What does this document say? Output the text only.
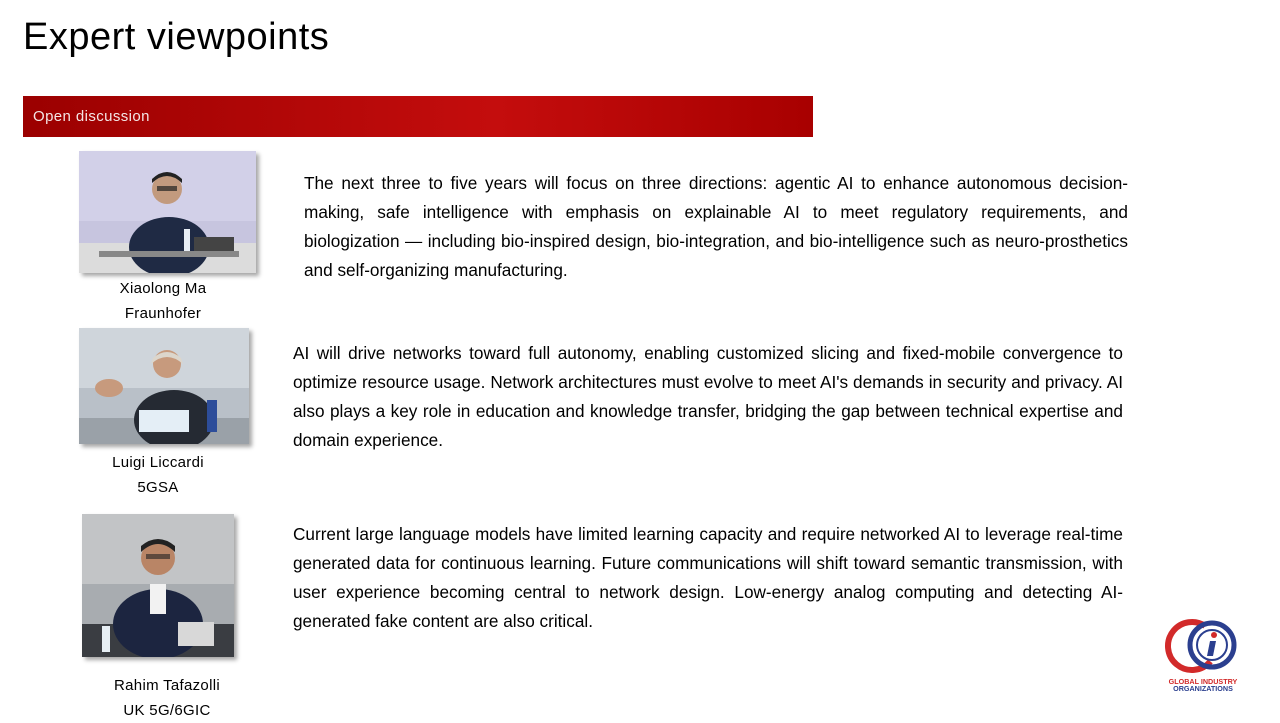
Expert viewpoints
Open discussion
Xiaolong Ma
Fraunhofer

The next three to five years will focus on three directions: agentic AI to enhance autonomous decision-making, safe intelligence with emphasis on explainable AI to meet regulatory requirements, and biologization — including bio-inspired design, bio-integration, and bio-intelligence such as neuro-prosthetics and self-organizing manufacturing.

Luigi Liccardi
5GSA

AI will drive networks toward full autonomy, enabling customized slicing and fixed-mobile convergence to optimize resource usage. Network architectures must evolve to meet AI's demands in security and privacy. AI also plays a key role in education and knowledge transfer, bridging the gap between technical expertise and domain experience.

Rahim Tafazolli
UK 5G/6GIC

Current large language models have limited learning capacity and require networked AI to leverage real-time generated data for continuous learning. Future communications will shift toward semantic transmission, with user experience becoming central to network design. Low-energy analog computing and detecting AI-generated fake content are also critical.

GLOBAL INDUSTRY
ORGANIZATIONS
